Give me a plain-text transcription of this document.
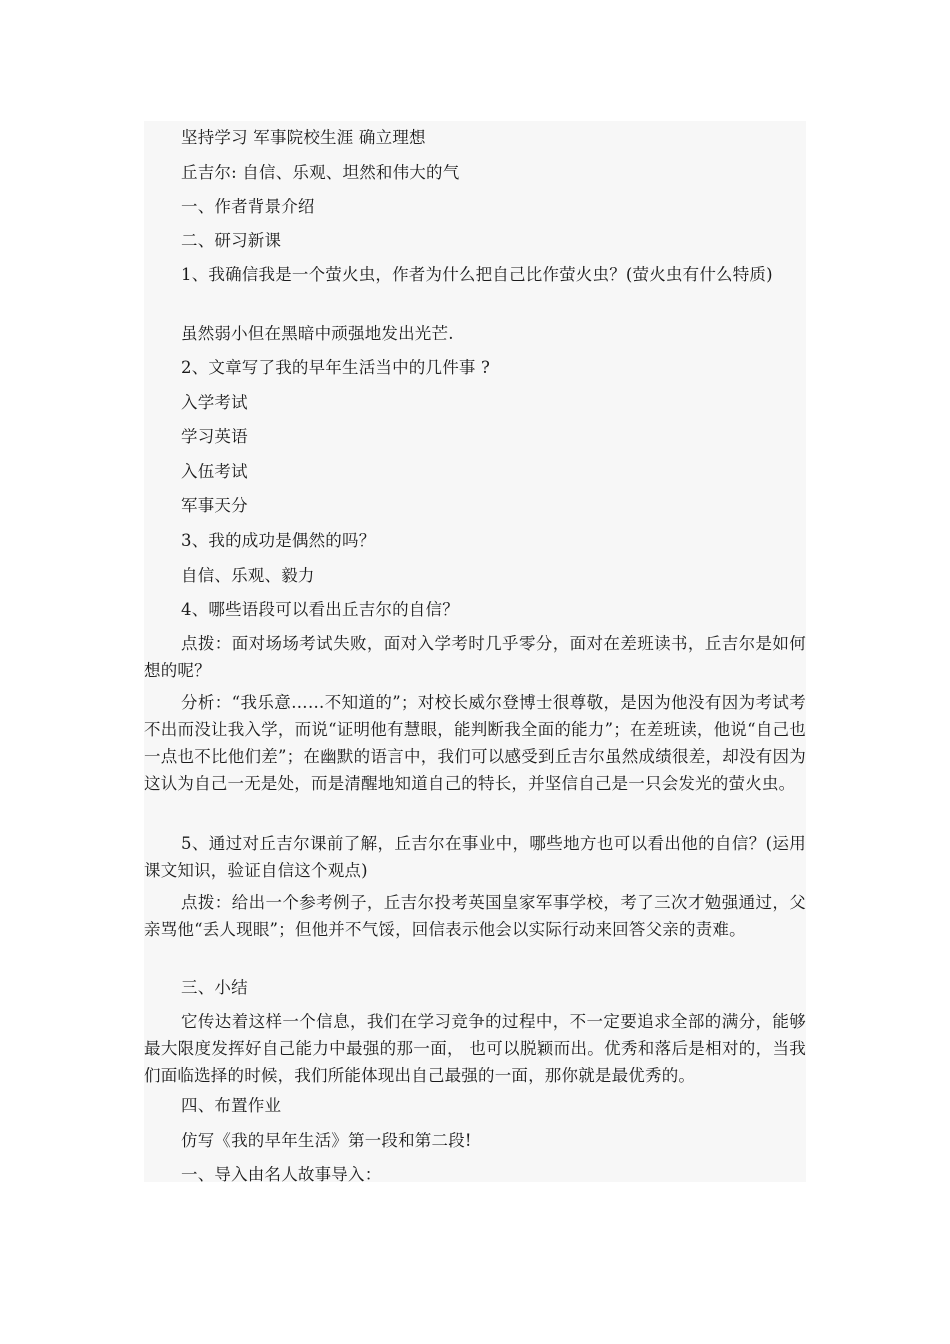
坚持学习 军事院校生涯 确立理想
丘吉尔: 自信、乐观、坦然和伟大的气
一、作者背景介绍
二、研习新课
1、我确信我是一个萤火虫，作者为什么把自己比作萤火虫？(萤火虫有什么特质)
虽然弱小但在黑暗中顽强地发出光芒.
2、文章写了我的早年生活当中的几件事 ?
入学考试
学习英语
入伍考试
军事天分
3、我的成功是偶然的吗？
自信、乐观、毅力
4、哪些语段可以看出丘吉尔的自信？
点拨：面对场场考试失败，面对入学考时几乎零分，面对在差班读书，丘吉尔是如何想的呢？
分析：“我乐意……不知道的”；对校长威尔登博士很尊敬，是因为他没有因为考试考不出而没让我入学，而说“证明他有慧眼，能判断我全面的能力”；在差班读，他说“自己也一点也不比他们差”；在幽默的语言中，我们可以感受到丘吉尔虽然成绩很差，却没有因为这认为自己一无是处，而是清醒地知道自己的特长，并坚信自己是一只会发光的萤火虫。
5、通过对丘吉尔课前了解，丘吉尔在事业中，哪些地方也可以看出他的自信？(运用课文知识，验证自信这个观点)
点拨：给出一个参考例子，丘吉尔投考英国皇家军事学校，考了三次才勉强通过，父亲骂他“丢人现眼”；但他并不气馁，回信表示他会以实际行动来回答父亲的责难。
三、小结
它传达着这样一个信息，我们在学习竞争的过程中，不一定要追求全部的满分，能够最大限度发挥好自己能力中最强的那一面， 也可以脱颖而出。优秀和落后是相对的，当我们面临选择的时候，我们所能体现出自己最强的一面，那你就是最优秀的。
四、布置作业
仿写《我的早年生活》第一段和第二段!
一、导入由名人故事导入：
